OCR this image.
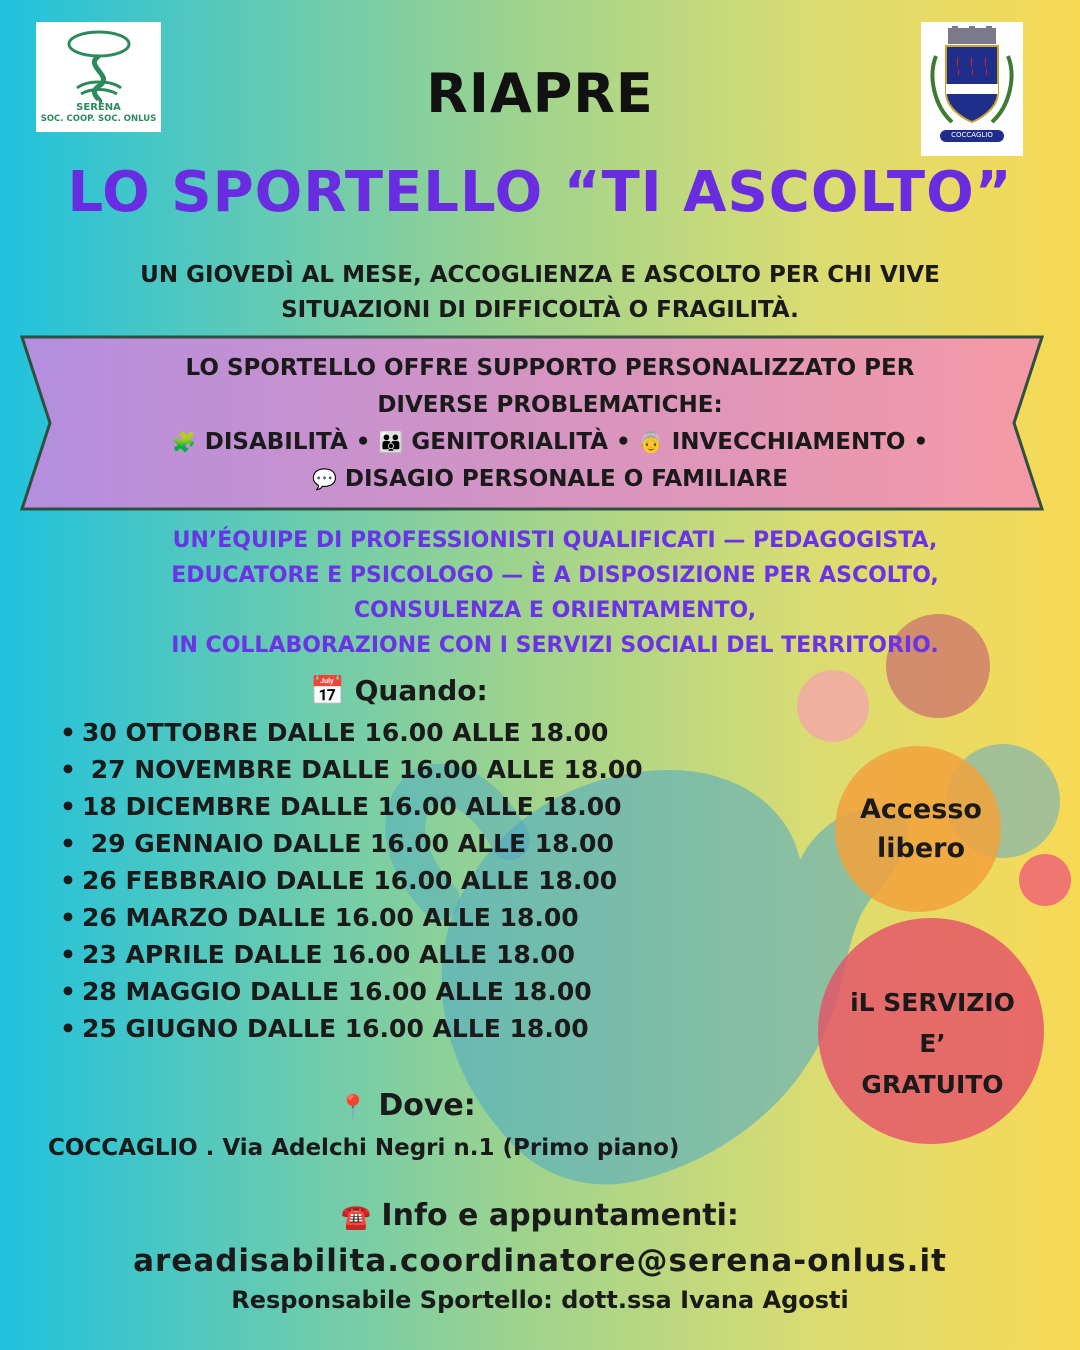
SERENA
SOC. COOP. SOC. ONLUS
COCCAGLIO
RIAPRE
LO SPORTELLO “TI ASCOLTO”
UN GIOVEDÌ AL MESE, ACCOGLIENZA E ASCOLTO PER CHI VIVE
SITUAZIONI DI DIFFICOLTÀ O FRAGILITÀ.
LO SPORTELLO OFFRE SUPPORTO PERSONALIZZATO PER
DIVERSE PROBLEMATICHE:
🧩 DISABILITÀ • 👪 GENITORIALITÀ • 👵 INVECCHIAMENTO •
💬 DISAGIO PERSONALE O FAMILIARE
UN’ÉQUIPE DI PROFESSIONISTI QUALIFICATI — PEDAGOGISTA,
EDUCATORE E PSICOLOGO — È A DISPOSIZIONE PER ASCOLTO,
CONSULENZA E ORIENTAMENTO,
IN COLLABORAZIONE CON I SERVIZI SOCIALI DEL TERRITORIO.
📅 Quando:
• 30 OTTOBRE DALLE 16.00 ALLE 18.00
• 27 NOVEMBRE DALLE 16.00 ALLE 18.00
• 18 DICEMBRE DALLE 16.00 ALLE 18.00
• 29 GENNAIO DALLE 16.00 ALLE 18.00
• 26 FEBBRAIO DALLE 16.00 ALLE 18.00
• 26 MARZO DALLE 16.00 ALLE 18.00
• 23 APRILE DALLE 16.00 ALLE 18.00
• 28 MAGGIO DALLE 16.00 ALLE 18.00
• 25 GIUGNO DALLE 16.00 ALLE 18.00
Accesso
libero
iL SERVIZIO
E’
GRATUITO
📍 Dove:
COCCAGLIO . Via Adelchi Negri n.1 (Primo piano)
☎️ Info e appuntamenti:
areadisabilita.coordinatore@serena-onlus.it
Responsabile Sportello: dott.ssa Ivana Agosti
